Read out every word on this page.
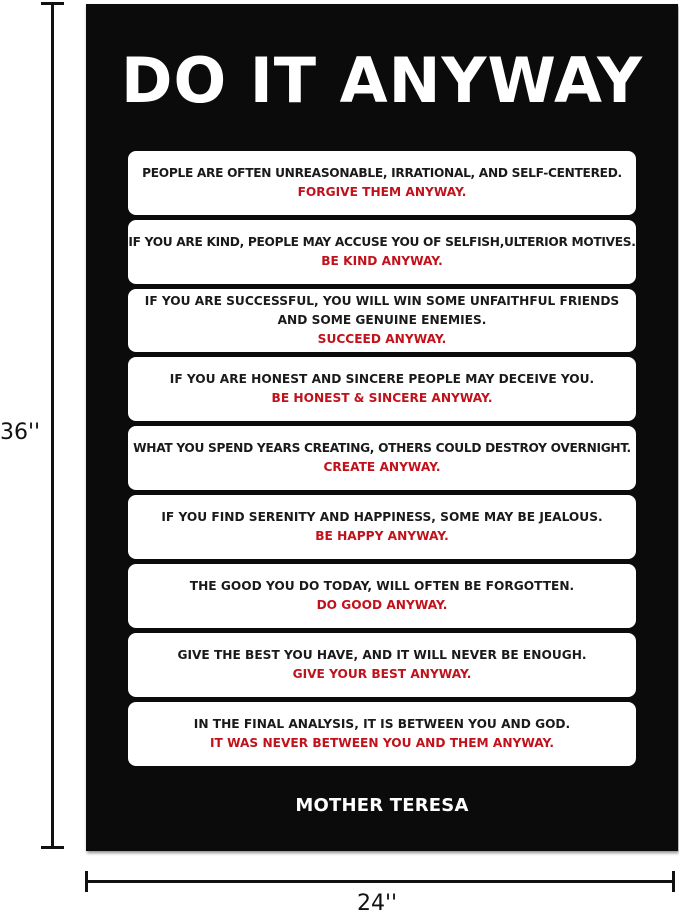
36''
24''
DO IT ANYWAY
PEOPLE ARE OFTEN UNREASONABLE, IRRATIONAL, AND SELF-CENTERED.
FORGIVE THEM ANYWAY.
IF YOU ARE KIND, PEOPLE MAY ACCUSE YOU OF SELFISH,ULTERIOR MOTIVES.
BE KIND ANYWAY.
IF YOU ARE SUCCESSFUL, YOU WILL WIN SOME UNFAITHFUL FRIENDS
AND SOME GENUINE ENEMIES.
SUCCEED ANYWAY.
IF YOU ARE HONEST AND SINCERE PEOPLE MAY DECEIVE YOU.
BE HONEST & SINCERE ANYWAY.
WHAT YOU SPEND YEARS CREATING, OTHERS COULD DESTROY OVERNIGHT.
CREATE ANYWAY.
IF YOU FIND SERENITY AND HAPPINESS, SOME MAY BE JEALOUS.
BE HAPPY ANYWAY.
THE GOOD YOU DO TODAY, WILL OFTEN BE FORGOTTEN.
DO GOOD ANYWAY.
GIVE THE BEST YOU HAVE, AND IT WILL NEVER BE ENOUGH.
GIVE YOUR BEST ANYWAY.
IN THE FINAL ANALYSIS, IT IS BETWEEN YOU AND GOD.
IT WAS NEVER BETWEEN YOU AND THEM ANYWAY.
MOTHER TERESA
